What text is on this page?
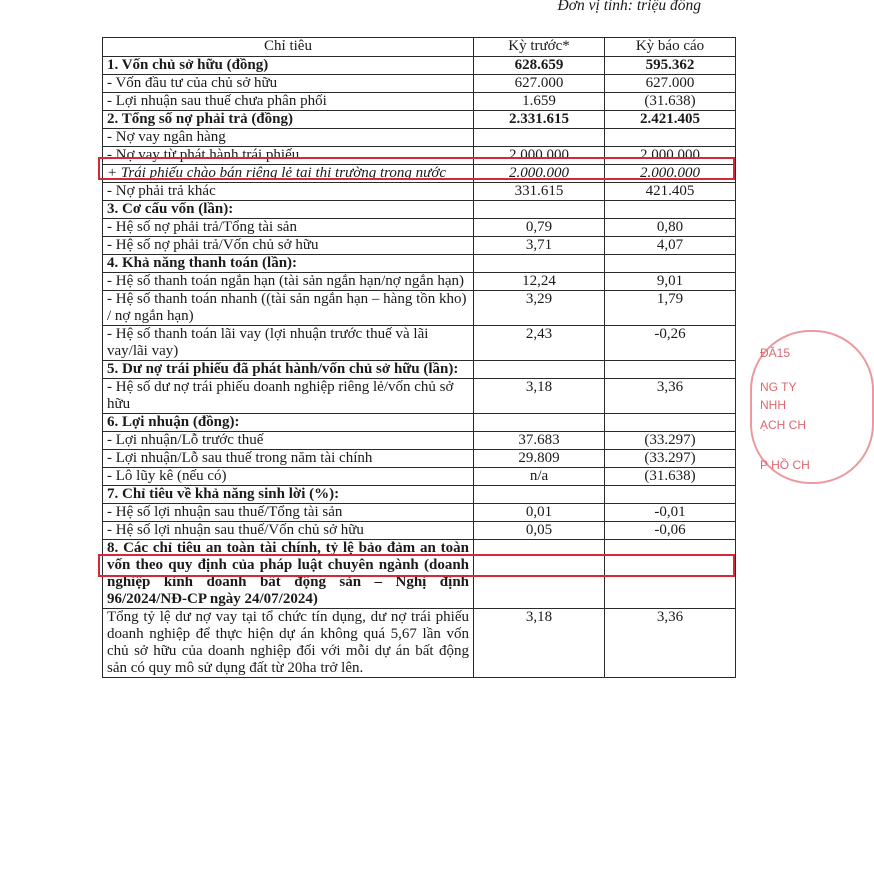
Đơn vị tính: triệu đồng
Chỉ tiêu	Kỳ trước*	Kỳ báo cáo
1. Vốn chủ sở hữu (đồng)	628.659	595.362
- Vốn đầu tư của chủ sở hữu	627.000	627.000
- Lợi nhuận sau thuế chưa phân phối	1.659	(31.638)
2. Tổng số nợ phải trả (đồng)	2.331.615	2.421.405
- Nợ vay ngân hàng		
- Nợ vay từ phát hành trái phiếu	2.000.000	2.000.000
+ Trái phiếu chào bán riêng lẻ tại thị trường trong nước	2.000.000	2.000.000
- Nợ phải trả khác	331.615	421.405
3. Cơ cấu vốn (lần):		
- Hệ số nợ phải trả/Tổng tài sản	0,79	0,80
- Hệ số nợ phải trả/Vốn chủ sở hữu	3,71	4,07
4. Khả năng thanh toán (lần):		
- Hệ số thanh toán ngắn hạn (tài sản ngắn hạn/nợ ngắn hạn)	12,24	9,01
- Hệ số thanh toán nhanh ((tài sản ngắn hạn – hàng tồn kho) / nợ ngắn hạn)	3,29	1,79
- Hệ số thanh toán lãi vay (lợi nhuận trước thuế và lãi vay/lãi vay)	2,43	-0,26
5. Dư nợ trái phiếu đã phát hành/vốn chủ sở hữu (lần):		
- Hệ số dư nợ trái phiếu doanh nghiệp riêng lẻ/vốn chủ sở hữu	3,18	3,36
6. Lợi nhuận (đồng):		
- Lợi nhuận/Lỗ trước thuế	37.683	(33.297)
- Lợi nhuận/Lỗ sau thuế trong năm tài chính	29.809	(33.297)
- Lô lũy kê (nếu có)	n/a	(31.638)
7. Chỉ tiêu về khả năng sinh lời (%):		
- Hệ số lợi nhuận sau thuế/Tổng tài sản	0,01	-0,01
- Hệ số lợi nhuận sau thuế/Vốn chủ sở hữu	0,05	-0,06
8. Các chỉ tiêu an toàn tài chính, tỷ lệ bảo đảm an toàn vốn theo quy định của pháp luật chuyên ngành (doanh nghiệp kinh doanh bất động sản – Nghị định 96/2024/NĐ-CP ngày 24/07/2024)		
Tổng tỷ lệ dư nợ vay tại tổ chức tín dụng, dư nợ trái phiếu doanh nghiệp để thực hiện dự án không quá 5,67 lần vốn chủ sở hữu của doanh nghiệp đối với mỗi dự án bất động sản có quy mô sử dụng đất từ 20ha trở lên.	3,18	3,36
ĐĂ15
NG TY
NHH
ẠCH CH
P HỒ CH
